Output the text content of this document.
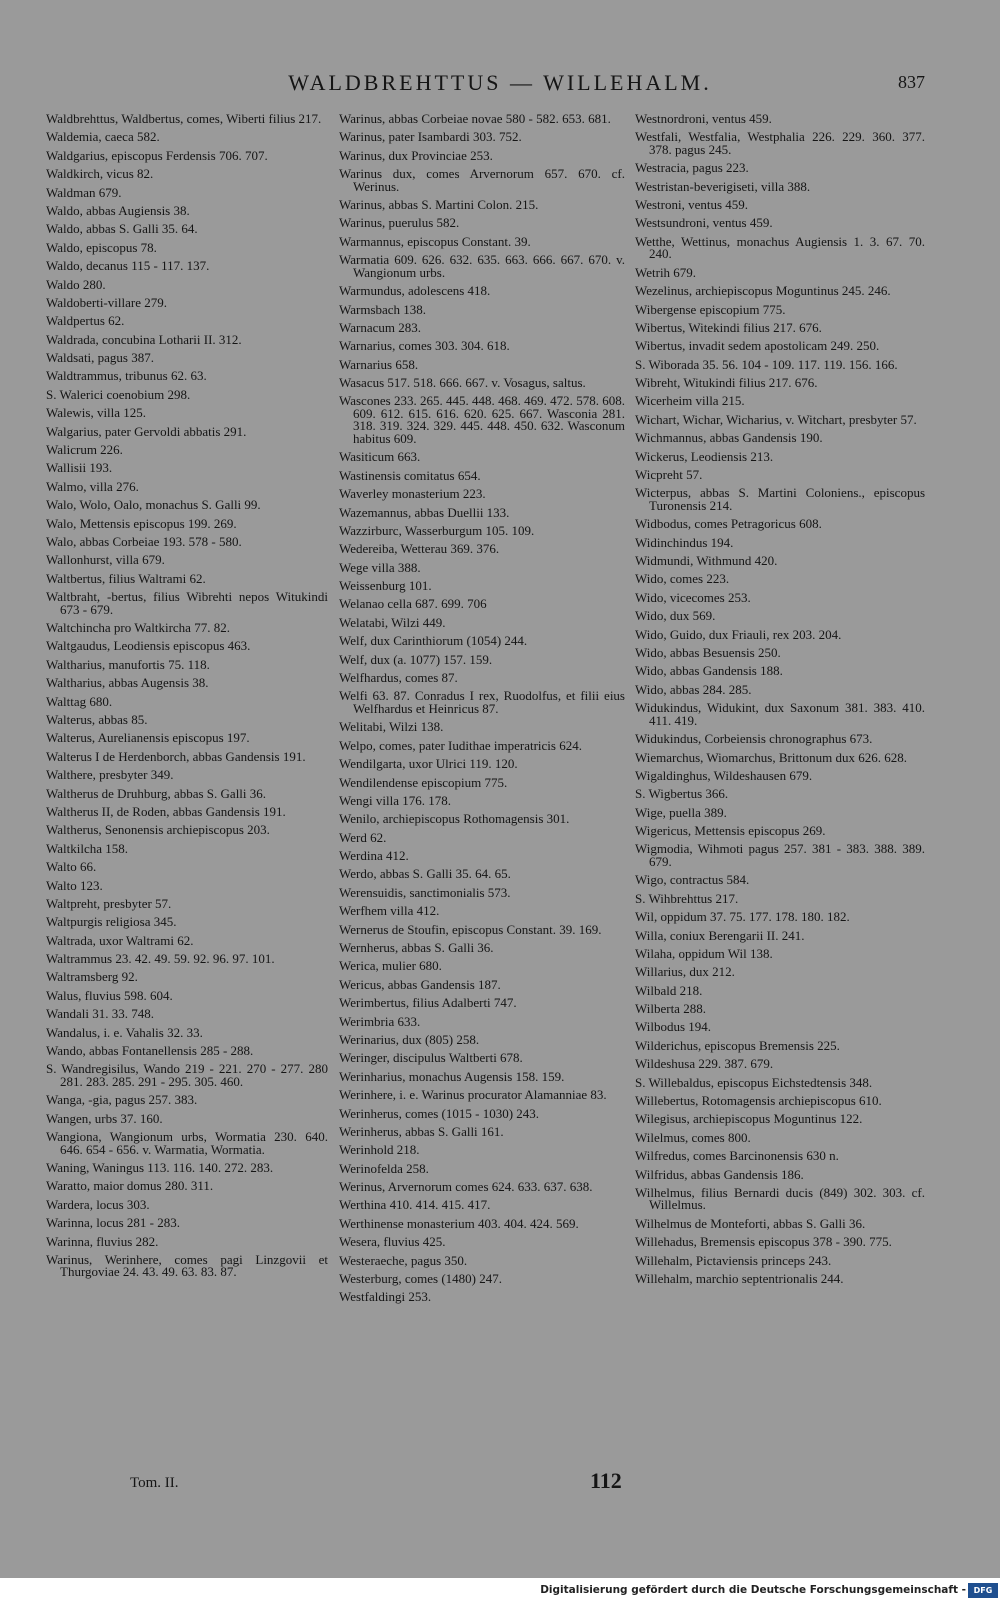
WALDBREHTTUS — WILLEHALM.	837
Waldbrehttus, Waldbertus, comes, Wiberti filius 217.
Waldemia, caeca 582.
Waldgarius, episcopus Ferdensis 706. 707.
Waldkirch, vicus 82.
Waldman 679.
Waldo, abbas Augiensis 38.
Waldo, abbas S. Galli 35. 64.
Waldo, episcopus 78.
Waldo, decanus 115 - 117. 137.
Waldo 280.
Waldoberti-villare 279.
Waldpertus 62.
Waldrada, concubina Lotharii II. 312.
Waldsati, pagus 387.
Waldtrammus, tribunus 62. 63.
S. Walerici coenobium 298.
Walewis, villa 125.
Walgarius, pater Gervoldi abbatis 291.
Walicrum 226.
Wallisii 193.
Walmo, villa 276.
Walo, Wolo, Oalo, monachus S. Galli 99.
Walo, Mettensis episcopus 199. 269.
Walo, abbas Corbeiae 193. 578 - 580.
Wallonhurst, villa 679.
Waltbertus, filius Waltrami 62.
Waltbraht, -bertus, filius Wibrehti nepos Witukindi 673 - 679.
Waltchincha pro Waltkircha 77. 82.
Waltgaudus, Leodiensis episcopus 463.
Waltharius, manufortis 75. 118.
Waltharius, abbas Augensis 38.
Walttag 680.
Walterus, abbas 85.
Walterus, Aurelianensis episcopus 197.
Walterus I de Herdenborch, abbas Gandensis 191.
Walthere, presbyter 349.
Waltherus de Druhburg, abbas S. Galli 36.
Waltherus II, de Roden, abbas Gandensis 191.
Waltherus, Senonensis archiepiscopus 203.
Waltkilcha 158.
Walto 66.
Walto 123.
Waltpreht, presbyter 57.
Waltpurgis religiosa 345.
Waltrada, uxor Waltrami 62.
Waltrammus 23. 42. 49. 59. 92. 96. 97. 101.
Waltramsberg 92.
Walus, fluvius 598. 604.
Wandali 31. 33. 748.
Wandalus, i. e. Vahalis 32. 33.
Wando, abbas Fontanellensis 285 - 288.
S. Wandregisilus, Wando 219 - 221. 270 - 277. 280 281. 283. 285. 291 - 295. 305. 460.
Wanga, -gia, pagus 257. 383.
Wangen, urbs 37. 160.
Wangiona, Wangionum urbs, Wormatia 230. 640. 646. 654 - 656. v. Warmatia, Wormatia.
Waning, Waningus 113. 116. 140. 272. 283.
Waratto, maior domus 280. 311.
Wardera, locus 303.
Warinna, locus 281 - 283.
Warinna, fluvius 282.
Warinus, Werinhere, comes pagi Linzgovii et Thurgoviae 24. 43. 49. 63. 83. 87.
Warinus, abbas Corbeiae novae 580 - 582. 653. 681.
Warinus, pater Isambardi 303. 752.
Warinus, dux Provinciae 253.
Warinus dux, comes Arvernorum 657. 670. cf. Werinus.
Warinus, abbas S. Martini Colon. 215.
Warinus, puerulus 582.
Warmannus, episcopus Constant. 39.
Warmatia 609. 626. 632. 635. 663. 666. 667. 670. v. Wangionum urbs.
Warmundus, adolescens 418.
Warmsbach 138.
Warnacum 283.
Warnarius, comes 303. 304. 618.
Warnarius 658.
Wasacus 517. 518. 666. 667. v. Vosagus, saltus.
Wascones 233. 265. 445. 448. 468. 469. 472. 578. 608. 609. 612. 615. 616. 620. 625. 667. Wasconia 281. 318. 319. 324. 329. 445. 448. 450. 632. Wasconum habitus 609.
Wasiticum 663.
Wastinensis comitatus 654.
Waverley monasterium 223.
Wazemannus, abbas Duellii 133.
Wazzirburc, Wasserburgum 105. 109.
Wedereiba, Wetterau 369. 376.
Wege villa 388.
Weissenburg 101.
Welanao cella 687. 699. 706
Welatabi, Wilzi 449.
Welf, dux Carinthiorum (1054) 244.
Welf, dux (a. 1077) 157. 159.
Welfhardus, comes 87.
Welfi 63. 87. Conradus I rex, Ruodolfus, et filii eius Welfhardus et Heinricus 87.
Welitabi, Wilzi 138.
Welpo, comes, pater Iudithae imperatricis 624.
Wendilgarta, uxor Ulrici 119. 120.
Wendilendense episcopium 775.
Wengi villa 176. 178.
Wenilo, archiepiscopus Rothomagensis 301.
Werd 62.
Werdina 412.
Werdo, abbas S. Galli 35. 64. 65.
Werensuidis, sanctimonialis 573.
Werfhem villa 412.
Wernerus de Stoufin, episcopus Constant. 39. 169.
Wernherus, abbas S. Galli 36.
Werica, mulier 680.
Wericus, abbas Gandensis 187.
Werimbertus, filius Adalberti 747.
Werimbria 633.
Werinarius, dux (805) 258.
Weringer, discipulus Waltberti 678.
Werinharius, monachus Augensis 158. 159.
Werinhere, i. e. Warinus procurator Alamanniae 83.
Werinherus, comes (1015 - 1030) 243.
Werinherus, abbas S. Galli 161.
Werinhold 218.
Werinofelda 258.
Werinus, Arvernorum comes 624. 633. 637. 638.
Werthina 410. 414. 415. 417.
Werthinense monasterium 403. 404. 424. 569.
Wesera, fluvius 425.
Westeraeche, pagus 350.
Westerburg, comes (1480) 247.
Westfaldingi 253.
Westnordroni, ventus 459.
Westfali, Westfalia, Westphalia 226. 229. 360. 377. 378. pagus 245.
Westracia, pagus 223.
Westristan-beverigiseti, villa 388.
Westroni, ventus 459.
Westsundroni, ventus 459.
Wetthe, Wettinus, monachus Augiensis 1. 3. 67. 70. 240.
Wetrih 679.
Wezelinus, archiepiscopus Moguntinus 245. 246.
Wibergense episcopium 775.
Wibertus, Witekindi filius 217. 676.
Wibertus, invadit sedem apostolicam 249. 250.
S. Wiborada 35. 56. 104 - 109. 117. 119. 156. 166.
Wibreht, Witukindi filius 217. 676.
Wicerheim villa 215.
Wichart, Wichar, Wicharius, v. Witchart, presbyter 57.
Wichmannus, abbas Gandensis 190.
Wickerus, Leodiensis 213.
Wicpreht 57.
Wicterpus, abbas S. Martini Coloniens., episcopus Turonensis 214.
Widbodus, comes Petragoricus 608.
Widinchindus 194.
Widmundi, Withmund 420.
Wido, comes 223.
Wido, vicecomes 253.
Wido, dux 569.
Wido, Guido, dux Friauli, rex 203. 204.
Wido, abbas Besuensis 250.
Wido, abbas Gandensis 188.
Wido, abbas 284. 285.
Widukindus, Widukint, dux Saxonum 381. 383. 410. 411. 419.
Widukindus, Corbeiensis chronographus 673.
Wiemarchus, Wiomarchus, Brittonum dux 626. 628.
Wigaldinghus, Wildeshausen 679.
S. Wigbertus 366.
Wige, puella 389.
Wigericus, Mettensis episcopus 269.
Wigmodia, Wihmoti pagus 257. 381 - 383. 388. 389. 679.
Wigo, contractus 584.
S. Wihbrehttus 217.
Wil, oppidum 37. 75. 177. 178. 180. 182.
Willa, coniux Berengarii II. 241.
Wilaha, oppidum Wil 138.
Willarius, dux 212.
Wilbald 218.
Wilberta 288.
Wilbodus 194.
Wilderichus, episcopus Bremensis 225.
Wildeshusa 229. 387. 679.
S. Willebaldus, episcopus Eichstedtensis 348.
Willebertus, Rotomagensis archiepiscopus 610.
Wilegisus, archiepiscopus Moguntinus 122.
Wilelmus, comes 800.
Wilfredus, comes Barcinonensis 630 n.
Wilfridus, abbas Gandensis 186.
Wilhelmus, filius Bernardi ducis (849) 302. 303. cf. Willelmus.
Wilhelmus de Monteforti, abbas S. Galli 36.
Willehadus, Bremensis episcopus 378 - 390. 775.
Willehalm, Pictaviensis princeps 243.
Willehalm, marchio septentrionalis 244.
Tom. II.	112
Digitalisierung gefördert durch die Deutsche Forschungsgemeinschaft - DFG
